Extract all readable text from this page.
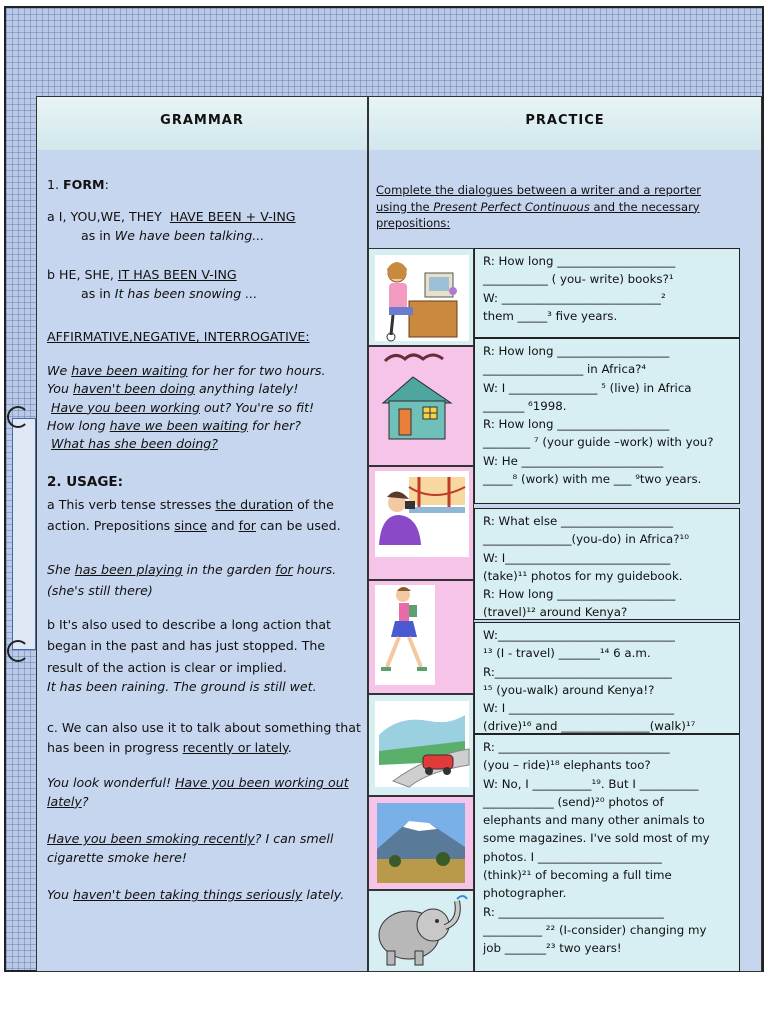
GRAMMAR	PRACTICE
1. FORM:
a I, YOU,WE, THEY HAVE BEEN + V-ING
as in We have been talking...
b HE, SHE, IT HAS BEEN V-ING
as in It has been snowing ...
AFFIRMATIVE,NEGATIVE, INTERROGATIVE:
We have been waiting for her for two hours.
You haven't been doing anything lately!
Have you been working out? You're so fit!
How long have we been waiting for her?
What has she been doing?
2. USAGE:
a This verb tense stresses the duration of the action. Prepositions since and for can be used.
She has been playing in the garden for hours.
(she's still there)
b It's also used to describe a long action that began in the past and has just stopped. The result of the action is clear or implied.
It has been raining. The ground is still wet.
c. We can also use it to talk about something that has been in progress recently or lately.
You look wonderful! Have you been working out lately?
Have you been smoking recently? I can smell cigarette smoke here!
You haven't been taking things seriously lately.
Complete the dialogues between a writer and a reporter using the Present Perfect Continuous and the necessary prepositions:

R: How long ____________________

___________ ( you- write) books?¹

W: ___________________________²

them _____³ five years.

R: How long ___________________

_________________ in Africa?⁴

W: I _______________ ⁵ (live) in Africa

_______ ⁶1998.

R: How long ___________________

________ ⁷ (your guide –work) with you?

W: He ________________________

_____⁸ (work) with me ___ ⁹two years.

R: What else ___________________

_______________(you-do) in Africa?¹⁰

W: I____________________________

(take)¹¹ photos for my guidebook.

R: How long ____________________

(travel)¹² around Kenya?

W:______________________________

¹³ (I - travel) _______¹⁴ 6 a.m.

R:______________________________

¹⁵ (you-walk) around Kenya!?

W: I ____________________________

(drive)¹⁶ and _______________(walk)¹⁷

R: _____________________________

(you – ride)¹⁸ elephants too?

W: No, I __________¹⁹. But I __________

____________ (send)²⁰ photos of

elephants and many other animals to

some magazines. I've sold most of my

photos. I _____________________

(think)²¹ of becoming a full time

photographer.

R: ____________________________

__________ ²² (I-consider) changing my

job _______²³ two years!
